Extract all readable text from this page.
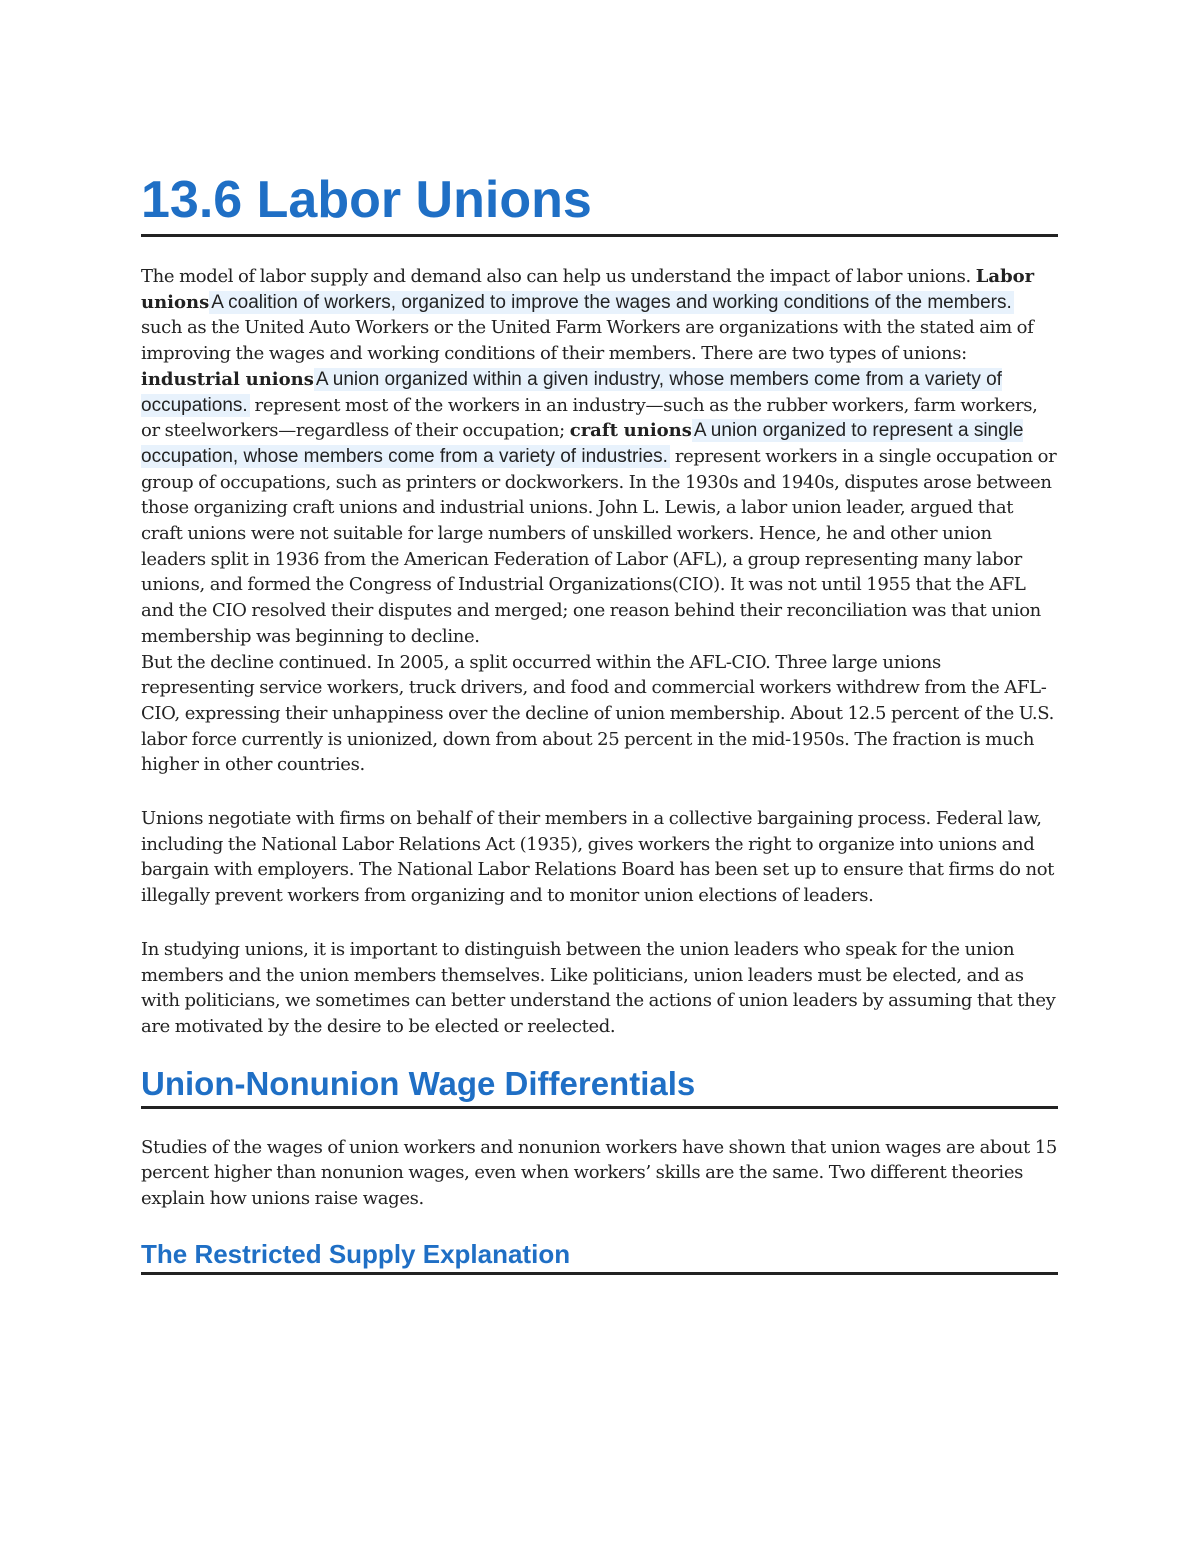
13.6 Labor Unions

The model of labor supply and demand also can help us understand the impact of labor unions. Labor unions A coalition of workers, organized to improve the wages and working conditions of the members. such as the United Auto Workers or the United Farm Workers are organizations with the stated aim of improving the wages and working conditions of their members. There are two types of unions: industrial unions A union organized within a given industry, whose members come from a variety of occupations. represent most of the workers in an industry—such as the rubber workers, farm workers, or steelworkers—regardless of their occupation; craft unions A union organized to represent a single occupation, whose members come from a variety of industries. represent workers in a single occupation or group of occupations, such as printers or dockworkers. In the 1930s and 1940s, disputes arose between those organizing craft unions and industrial unions. John L. Lewis, a labor union leader, argued that craft unions were not suitable for large numbers of unskilled workers. Hence, he and other union leaders split in 1936 from the American Federation of Labor (AFL), a group representing many labor unions, and formed the Congress of Industrial Organizations(CIO). It was not until 1955 that the AFL and the CIO resolved their disputes and merged; one reason behind their reconciliation was that union membership was beginning to decline.

But the decline continued. In 2005, a split occurred within the AFL-CIO. Three large unions representing service workers, truck drivers, and food and commercial workers withdrew from the AFL-CIO, expressing their unhappiness over the decline of union membership. About 12.5 percent of the U.S. labor force currently is unionized, down from about 25 percent in the mid-1950s. The fraction is much higher in other countries.

Unions negotiate with firms on behalf of their members in a collective bargaining process. Federal law, including the National Labor Relations Act (1935), gives workers the right to organize into unions and bargain with employers. The National Labor Relations Board has been set up to ensure that firms do not illegally prevent workers from organizing and to monitor union elections of leaders.

In studying unions, it is important to distinguish between the union leaders who speak for the union members and the union members themselves. Like politicians, union leaders must be elected, and as with politicians, we sometimes can better understand the actions of union leaders by assuming that they are motivated by the desire to be elected or reelected.

Union-Nonunion Wage Differentials

Studies of the wages of union workers and nonunion workers have shown that union wages are about 15 percent higher than nonunion wages, even when workers’ skills are the same. Two different theories explain how unions raise wages.

The Restricted Supply Explanation
